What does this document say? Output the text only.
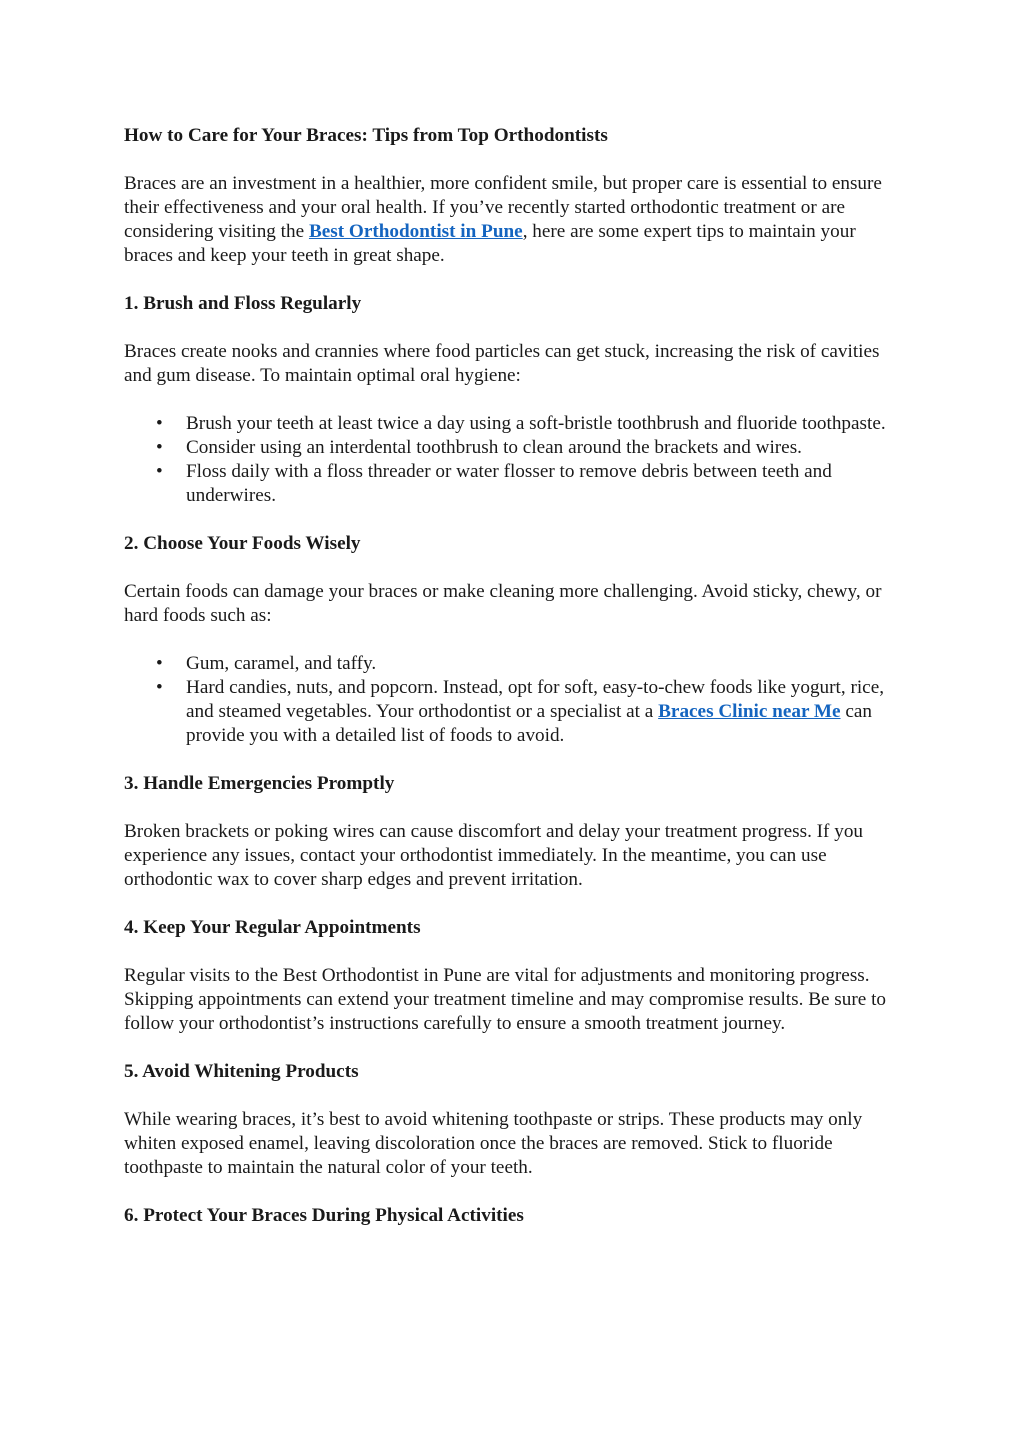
How to Care for Your Braces: Tips from Top Orthodontists

Braces are an investment in a healthier, more confident smile, but proper care is essential to ensure their effectiveness and your oral health. If you’ve recently started orthodontic treatment or are considering visiting the Best Orthodontist in Pune, here are some expert tips to maintain your braces and keep your teeth in great shape.

1. Brush and Floss Regularly

Braces create nooks and crannies where food particles can get stuck, increasing the risk of cavities and gum disease. To maintain optimal oral hygiene:

• Brush your teeth at least twice a day using a soft-bristle toothbrush and fluoride toothpaste.
• Consider using an interdental toothbrush to clean around the brackets and wires.
• Floss daily with a floss threader or water flosser to remove debris between teeth and underwires.
2. Choose Your Foods Wisely

Certain foods can damage your braces or make cleaning more challenging. Avoid sticky, chewy, or hard foods such as:

• Gum, caramel, and taffy.
• Hard candies, nuts, and popcorn. Instead, opt for soft, easy-to-chew foods like yogurt, rice, and steamed vegetables. Your orthodontist or a specialist at a Braces Clinic near Me can provide you with a detailed list of foods to avoid.
3. Handle Emergencies Promptly

Broken brackets or poking wires can cause discomfort and delay your treatment progress. If you experience any issues, contact your orthodontist immediately. In the meantime, you can use orthodontic wax to cover sharp edges and prevent irritation.

4. Keep Your Regular Appointments

Regular visits to the Best Orthodontist in Pune are vital for adjustments and monitoring progress. Skipping appointments can extend your treatment timeline and may compromise results. Be sure to follow your orthodontist’s instructions carefully to ensure a smooth treatment journey.

5. Avoid Whitening Products

While wearing braces, it’s best to avoid whitening toothpaste or strips. These products may only whiten exposed enamel, leaving discoloration once the braces are removed. Stick to fluoride toothpaste to maintain the natural color of your teeth.

6. Protect Your Braces During Physical Activities
